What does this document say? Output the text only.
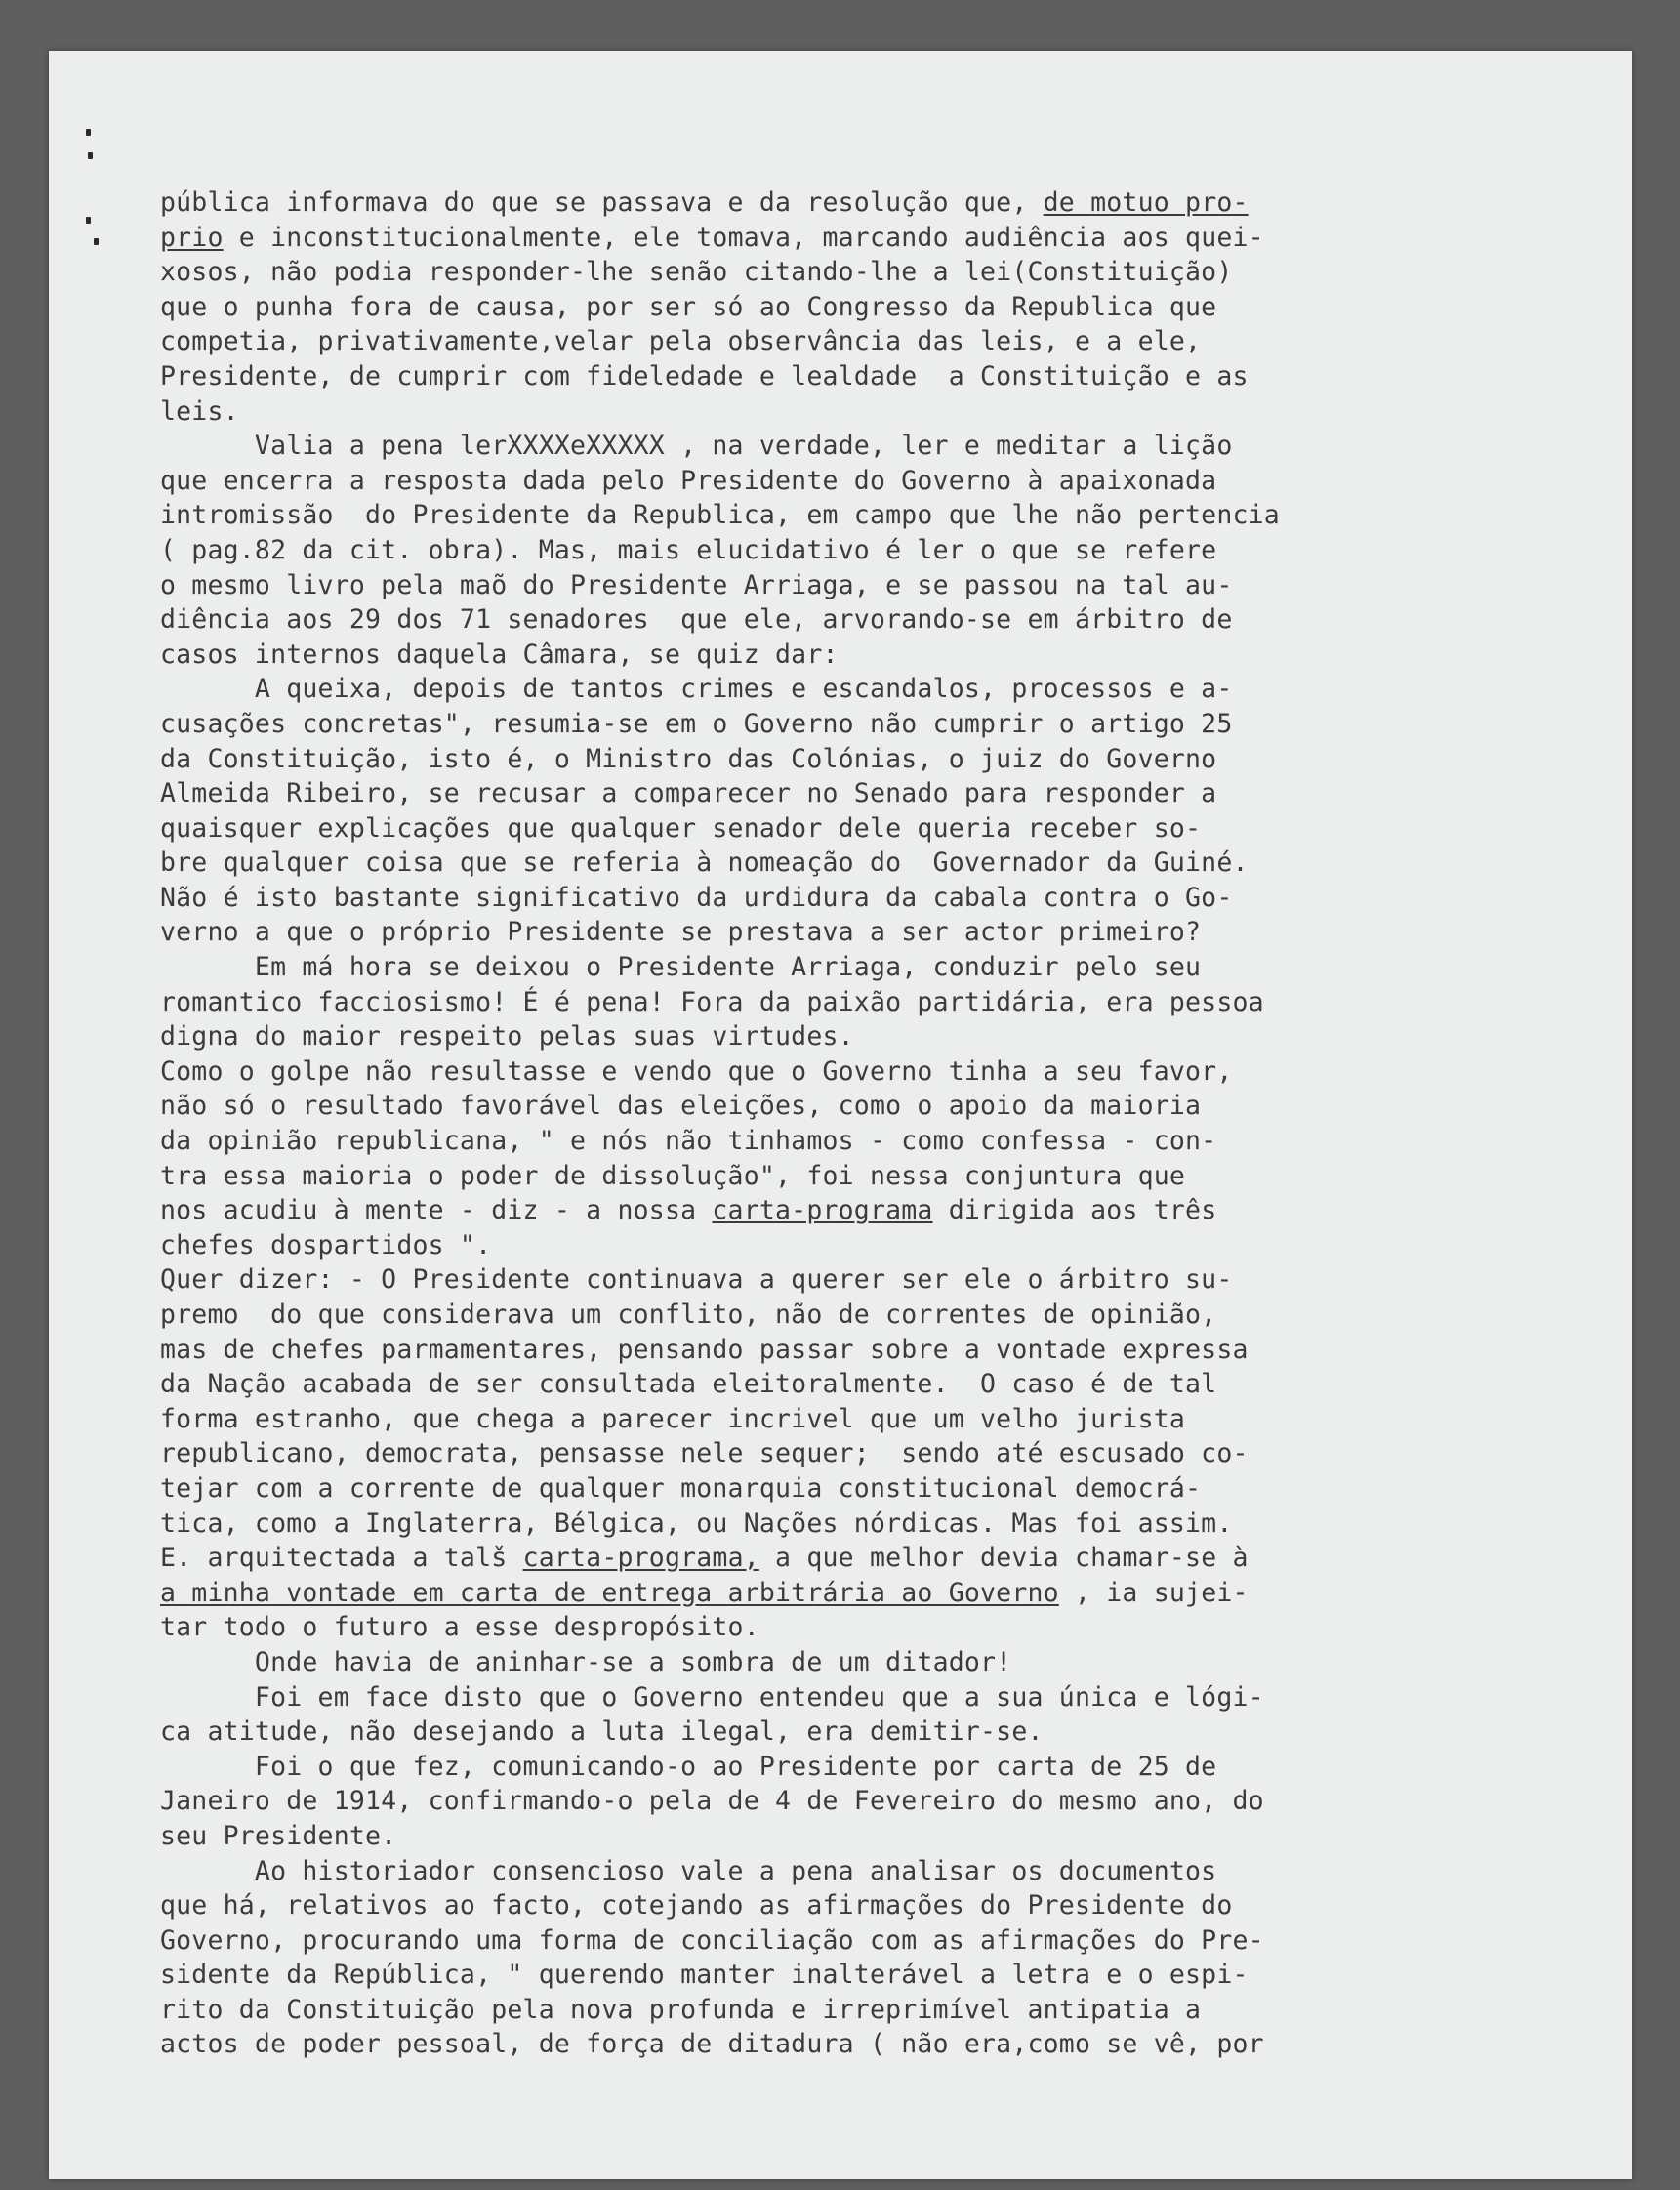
pública informava do que se passava e da resolução que, de motuo pro-
prio e inconstitucionalmente, ele tomava, marcando audiência aos quei-
xosos, não podia responder-lhe senão citando-lhe a lei(Constituição)
que o punha fora de causa, por ser só ao Congresso da Republica que
competia, privativamente,velar pela observância das leis, e a ele,
Presidente, de cumprir com fideledade e lealdade  a Constituição e as
leis.
Valia a pena lerXXXXeXXXXX , na verdade, ler e meditar a lição
que encerra a resposta dada pelo Presidente do Governo à apaixonada
intromissão  do Presidente da Republica, em campo que lhe não pertencia
( pag.82 da cit. obra). Mas, mais elucidativo é ler o que se refere
o mesmo livro pela maõ do Presidente Arriaga, e se passou na tal au-
diência aos 29 dos 71 senadores  que ele, arvorando-se em árbitro de
casos internos daquela Câmara, se quiz dar:
A queixa, depois de tantos crimes e escandalos, processos e a-
cusações concretas", resumia-se em o Governo não cumprir o artigo 25
da Constituição, isto é, o Ministro das Colónias, o juiz do Governo
Almeida Ribeiro, se recusar a comparecer no Senado para responder a
quaisquer explicações que qualquer senador dele queria receber so-
bre qualquer coisa que se referia à nomeação do  Governador da Guiné.
Não é isto bastante significativo da urdidura da cabala contra o Go-
verno a que o próprio Presidente se prestava a ser actor primeiro?
Em má hora se deixou o Presidente Arriaga, conduzir pelo seu
romantico facciosismo! É é pena! Fora da paixão partidária, era pessoa
digna do maior respeito pelas suas virtudes.
Como o golpe não resultasse e vendo que o Governo tinha a seu favor,
não só o resultado favorável das eleições, como o apoio da maioria
da opinião republicana, " e nós não tinhamos - como confessa - con-
tra essa maioria o poder de dissolução", foi nessa conjuntura que
nos acudiu à mente - diz - a nossa carta-programa dirigida aos três
chefes dospartidos ".
Quer dizer: - O Presidente continuava a querer ser ele o árbitro su-
premo  do que considerava um conflito, não de correntes de opinião,
mas de chefes parmamentares, pensando passar sobre a vontade expressa
da Nação acabada de ser consultada eleitoralmente.  O caso é de tal
forma estranho, que chega a parecer incrivel que um velho jurista
republicano, democrata, pensasse nele sequer;  sendo até escusado co-
tejar com a corrente de qualquer monarquia constitucional democrá-
tica, como a Inglaterra, Bélgica, ou Nações nórdicas. Mas foi assim.
E. arquitectada a talš carta-programa, a que melhor devia chamar-se à
a minha vontade em carta de entrega arbitrária ao Governo , ia sujei-
tar todo o futuro a esse despropósito.
Onde havia de aninhar-se a sombra de um ditador!
Foi em face disto que o Governo entendeu que a sua única e lógi-
ca atitude, não desejando a luta ilegal, era demitir-se.
Foi o que fez, comunicando-o ao Presidente por carta de 25 de
Janeiro de 1914, confirmando-o pela de 4 de Fevereiro do mesmo ano, do
seu Presidente.
Ao historiador consencioso vale a pena analisar os documentos
que há, relativos ao facto, cotejando as afirmações do Presidente do
Governo, procurando uma forma de conciliação com as afirmações do Pre-
sidente da República, " querendo manter inalterável a letra e o espi-
rito da Constituição pela nova profunda e irreprimível antipatia a
actos de poder pessoal, de força de ditadura ( não era,como se vê, por
